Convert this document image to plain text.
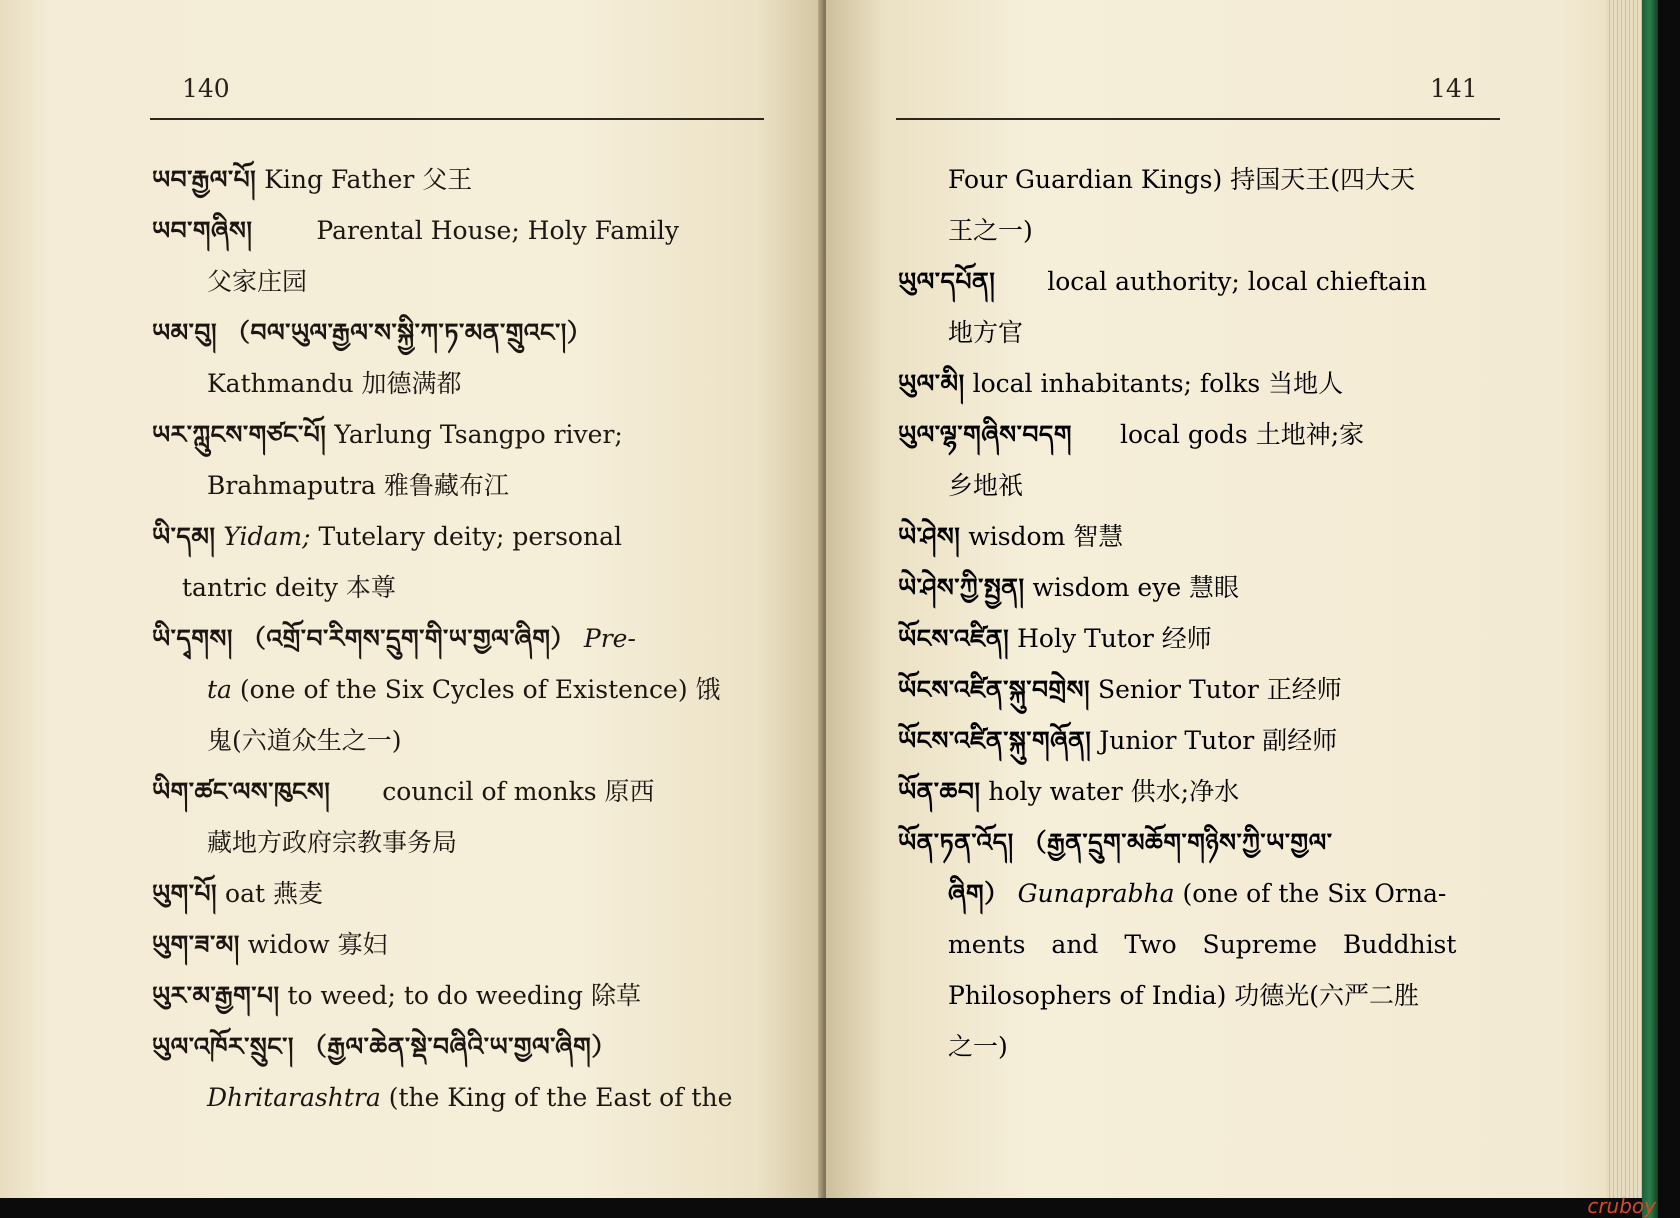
140
ཡབ་རྒྱལ་པོ། King Father 父王
ཡབ་གཞིས།	Parental House; Holy Family
父家庄园
ཡམ་བུ། （བལ་ཡུལ་རྒྱལ་ས་སྐྱི་ཀ་ཏ་མན་གྲུའང་།）
Kathmandu 加德满都
ཡར་ཀླུངས་གཙང་པོ། Yarlung Tsangpo river;
Brahmaputra 雅鲁藏布江
ཡི་དམ། Yidam; Tutelary deity; personal
tantric deity 本尊
ཡི་དྭགས། （འགྲོ་བ་རིགས་དྲུག་གི་ཡ་གྱལ་ཞིག） Pre-
ta (one of the Six Cycles of Existence) 饿
鬼(六道众生之一)
ཡིག་ཚང་ལས་ཁུངས། council of monks 原西
藏地方政府宗教事务局
ཡུག་པོ། oat 燕麦
ཡུག་ཟ་མ། widow 寡妇
ཡུར་མ་རྒྱག་པ། to weed; to do weeding 除草
ཡུལ་འཁོར་སྲུང་། （རྒྱལ་ཆེན་སྡེ་བཞིའི་ཡ་གྱལ་ཞིག）
Dhritarashtra (the King of the East of the
141
Four Guardian Kings) 持国天王(四大天
王之一)
ཡུལ་དཔོན། local authority; local chieftain
地方官
ཡུལ་མི། local inhabitants; folks 当地人
ཡུལ་ལྷ་གཞིས་བདག local gods 土地神;家
乡地祇
ཡེ་ཤེས། wisdom 智慧
ཡེ་ཤེས་ཀྱི་སྤྱན། wisdom eye 慧眼
ཡོངས་འཛིན། Holy Tutor 经师
ཡོངས་འཛིན་སྐུ་བགྲེས། Senior Tutor 正经师
ཡོངས་འཛིན་སྐུ་གཞོན། Junior Tutor 副经师
ཡོན་ཆབ། holy water 供水;净水
ཡོན་ཏན་འོད། （རྒྱན་དྲུག་མཆོག་གཉིས་ཀྱི་ཡ་གྱལ་
ཞིག） Gunaprabha (one of the Six Orna-
ments and Two Supreme Buddhist
Philosophers of India) 功德光(六严二胜
之一)
cruboy
